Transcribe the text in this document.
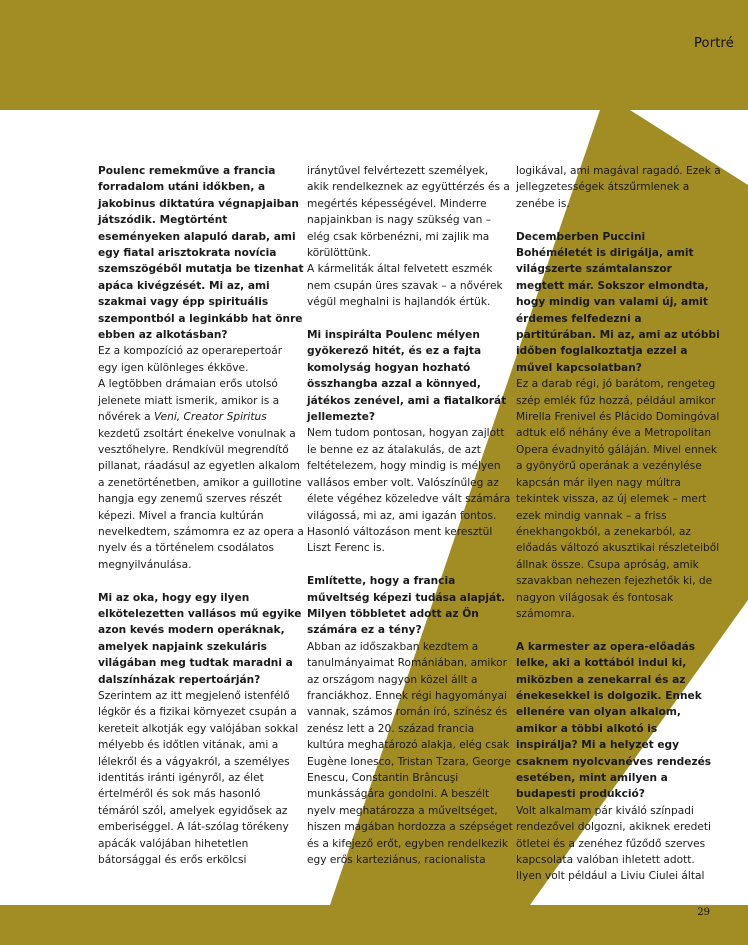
Portré

Poulenc remekműve a francia forradalom utáni időkben, a jakobinus diktatúra végnapjaiban játszódik. Megtörtént eseményeken alapuló darab, ami egy fiatal arisztokrata novícia szemszögéből mutatja be tizenhat apáca kivégzését. Mi az, ami szakmai vagy épp spirituális szempontból a leginkább hat önre ebben az alkotásban?

Ez a kompozíció az operarepertoár egy igen különleges ékköve.

A legtöbben drámaian erős utolsó jelenete miatt ismerik, amikor is a nővérek a Veni, Creator Spiritus kezdetű zsoltárt énekelve vonulnak a vesztőhelyre. Rendkívül megrendítő pillanat, ráadásul az egyetlen alkalom a zenetörténetben, amikor a guillotine hangja egy zenemű szerves részét képezi. Mivel a francia kultúrán nevelkedtem, számomra ez az opera a nyelv és a történelem csodálatos megnyilvánulása.

Mi az oka, hogy egy ilyen elkötelezetten vallásos mű egyike azon kevés modern operáknak, amelyek napjaink szekuláris világában meg tudtak maradni a dalszínházak repertoárján?

Szerintem az itt megjelenő istenfélő légkör és a fizikai környezet csupán a kereteit alkotják egy valójában sokkal mélyebb és időtlen vitának, ami a lélekről és a vágyakról, a személyes identitás iránti igényről, az élet értelméről és sok más hasonló témáról szól, amelyek egyidősek az emberiséggel. A lát-szólag törékeny apácák valójában hihetetlen bátorsággal és erős erkölcsi

iránytűvel felvértezett személyek, akik rendelkeznek az együttérzés és a megértés képességével. Minderre napjainkban is nagy szükség van – elég csak körbenézni, mi zajlik ma körülöttünk.

A kármeliták által felvetett eszmék nem csupán üres szavak – a nővérek végül meghalni is hajlandók értük.

Mi inspirálta Poulenc mélyen gyökerező hitét, és ez a fajta komolyság hogyan hozható összhangba azzal a könnyed, játékos zenével, ami a fiatalkorát jellemezte?

Nem tudom pontosan, hogyan zajlott le benne ez az átalakulás, de azt feltételezem, hogy mindig is mélyen vallásos ember volt. Valószínűleg az élete végéhez közeledve vált számára világossá, mi az, ami igazán fontos. Hasonló változáson ment keresztül Liszt Ferenc is.

Említette, hogy a francia műveltség képezi tudása alapját. Milyen többletet adott az Ön számára ez a tény?

Abban az időszakban kezdtem a tanulmányaimat Romániában, amikor az országom nagyon közel állt a franciákhoz. Ennek régi hagyományai vannak, számos román író, színész és zenész lett a 20. század francia kultúra meghatározó alakja, elég csak Eugène Ionesco, Tristan Tzara, George Enescu, Constantin Brâncuşi munkásságára gondolni. A beszélt nyelv meghatározza a műveltséget, hiszen magában hordozza a szépséget és a kifejező erőt, egyben rendelkezik egy erős karteziánus, racionalista

logikával, ami magával ragadó. Ezek a jellegzetességek átszűrmlenek a zenébe is.

Decemberben Puccini Bohéméletét is dirigálja, amit világszerte számtalanszor megtett már. Sokszor elmondta, hogy mindig van valami új, amit érdemes felfedezni a partitúrában. Mi az, ami az utóbbi időben foglalkoztatja ezzel a művel kapcsolatban?

Ez a darab régi, jó barátom, rengeteg szép emlék fűz hozzá, például amikor Mirella Frenivel és Plácido Domingóval adtuk elő néhány éve a Metropolitan Opera évadnyitó gáláján. Mivel ennek a gyönyörű operának a vezénylése kapcsán már ilyen nagy múltra tekintek vissza, az új elemek – mert ezek mindig vannak – a friss énekhangokból, a zenekarból, az előadás változó akusztikai részleteiből állnak össze. Csupa apróság, amik szavakban nehezen fejezhetők ki, de nagyon világosak és fontosak számomra.

A karmester az opera-előadás lelke, aki a kottából indul ki, miközben a zenekarral és az énekesekkel is dolgozik. Ennek ellenére van olyan alkalom, amikor a többi alkotó is inspirálja? Mi a helyzet egy csaknem nyolcvanéves rendezés esetében, mint amilyen a budapesti produkció?

Volt alkalmam pár kiváló színpadi rendezővel dolgozni, akiknek eredeti ötletei és a zenéhez fűződő szerves kapcsolata valóban ihletett adott. Ilyen volt például a Liviu Ciulei által

29
